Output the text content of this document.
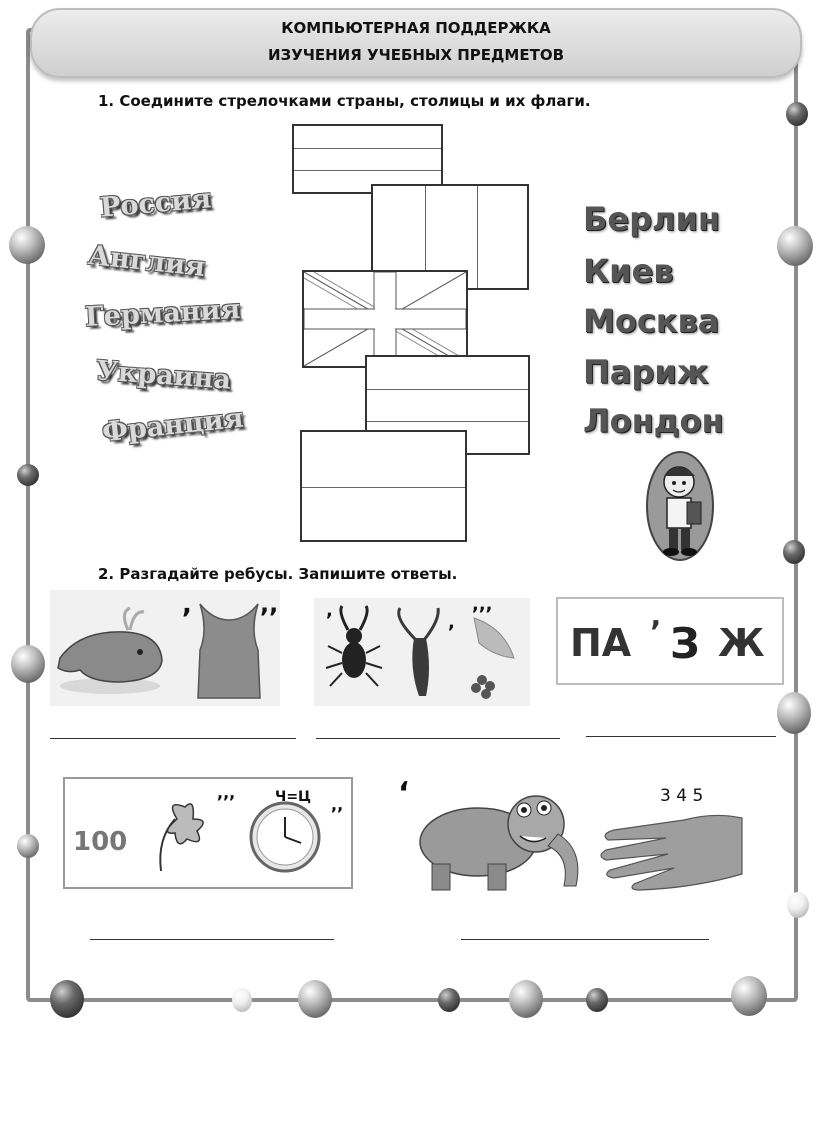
КОМПЬЮТЕРНАЯ ПОДДЕРЖКА
ИЗУЧЕНИЯ УЧЕБНЫХ ПРЕДМЕТОВ
1. Соедините стрелочками страны, столицы и их флаги.
Россия
Англия
Германия
Украина
Франция
Берлин
Киев
Москва
Париж
Лондон
2. Разгадайте ребусы. Запишите ответы.
,	,,	,
,
,,,
ПА ʼ З Ж
100
,,,	Ч=Ц ,, ‘	3 4 5
